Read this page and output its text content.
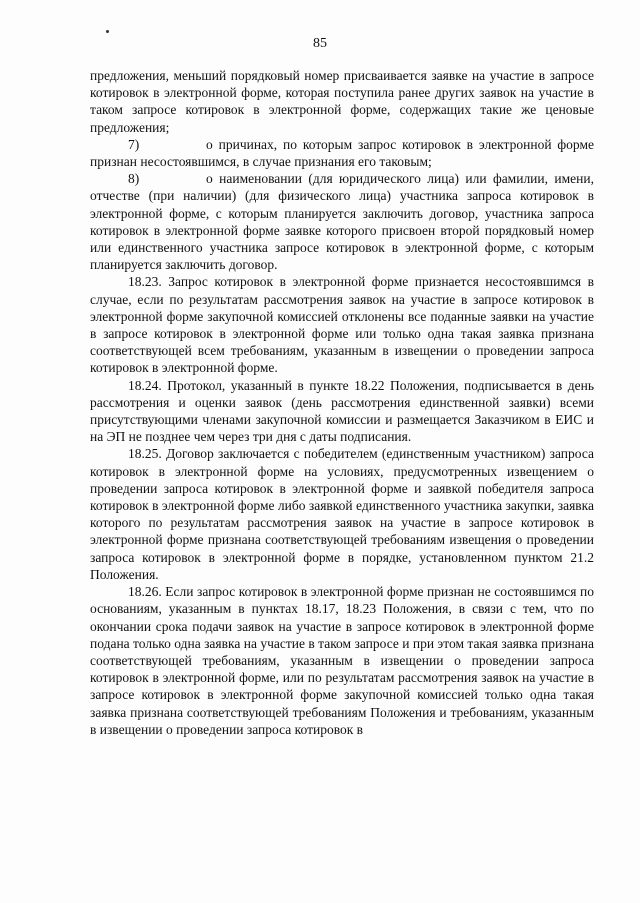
85

предложения, меньший порядковый номер присваивается заявке на участие в запросе котировок в электронной форме, которая поступила ранее других заявок на участие в таком запросе котировок в электронной форме, содержащих такие же ценовые предложения;

7)	о причинах, по которым запрос котировок в электронной форме признан несостоявшимся, в случае признания его таковым;

8)	о наименовании (для юридического лица) или фамилии, имени, отчестве (при наличии) (для физического лица) участника запроса котировок в электронной форме, с которым планируется заключить договор, участника запроса котировок в электронной форме заявке которого присвоен второй порядковый номер или единственного участника запросе котировок в электронной форме, с которым планируется заключить договор.

18.23. Запрос котировок в электронной форме признается несостоявшимся в случае, если по результатам рассмотрения заявок на участие в запросе котировок в электронной форме закупочной комиссией отклонены все поданные заявки на участие в запросе котировок в электронной форме или только одна такая заявка признана соответствующей всем требованиям, указанным в извещении о проведении запроса котировок в электронной форме.

18.24. Протокол, указанный в пункте 18.22 Положения, подписывается в день рассмотрения и оценки заявок (день рассмотрения единственной заявки) всеми присутствующими членами закупочной комиссии и размещается Заказчиком в ЕИС и на ЭП не позднее чем через три дня с даты подписания.

18.25. Договор заключается с победителем (единственным участником) запроса котировок в электронной форме на условиях, предусмотренных извещением о проведении запроса котировок в электронной форме и заявкой победителя запроса котировок в электронной форме либо заявкой единственного участника закупки, заявка которого по результатам рассмотрения заявок на участие в запросе котировок в электронной форме признана соответствующей требованиям извещения о проведении запроса котировок в электронной форме в порядке, установленном пунктом 21.2 Положения.

18.26. Если запрос котировок в электронной форме признан не состоявшимся по основаниям, указанным в пунктах 18.17, 18.23 Положения, в связи с тем, что по окончании срока подачи заявок на участие в запросе котировок в электронной форме подана только одна заявка на участие в таком запросе и при этом такая заявка признана соответствующей требованиям, указанным в извещении о проведении запроса котировок в электронной форме, или по результатам рассмотрения заявок на участие в запросе котировок в электронной форме закупочной комиссией только одна такая заявка признана соответствующей требованиям Положения и требованиям, указанным в извещении о проведении запроса котировок в
